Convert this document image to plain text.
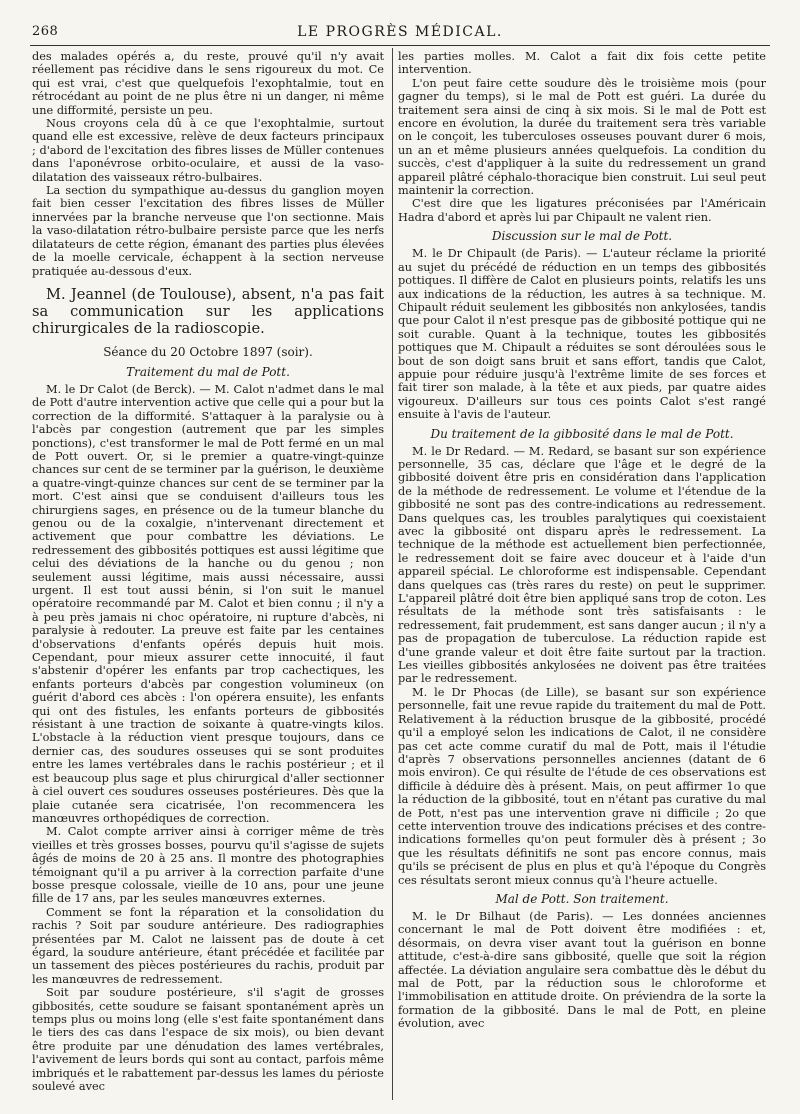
268	LE PROGRÈS MÉDICAL.

des malades opérés a, du reste, prouvé qu'il n'y avait réellement pas récidive dans le sens rigoureux du mot. Ce qui est vrai, c'est que quelquefois l'exophtalmie, tout en rétrocédant au point de ne plus être ni un danger, ni même une difformité, persiste un peu.

Nous croyons cela dû à ce que l'exophtalmie, surtout quand elle est excessive, relève de deux facteurs principaux ; d'abord de l'excitation des fibres lisses de Müller contenues dans l'aponévrose orbito-oculaire, et aussi de la vaso-dilatation des vaisseaux rétro-bulbaires.

La section du sympathique au-dessus du ganglion moyen fait bien cesser l'excitation des fibres lisses de Müller innervées par la branche nerveuse que l'on sectionne. Mais la vaso-dilatation rétro-bulbaire persiste parce que les nerfs dilatateurs de cette région, émanant des parties plus élevées de la moelle cervicale, échappent à la section nerveuse pratiquée au-dessous d'eux.

M. Jeannel (de Toulouse), absent, n'a pas fait sa communication sur les applications chirurgicales de la radioscopie.

Séance du 20 Octobre 1897 (soir).
Traitement du mal de Pott.

M. le Dr Calot (de Berck). — M. Calot n'admet dans le mal de Pott d'autre intervention active que celle qui a pour but la correction de la difformité. S'attaquer à la paralysie ou à l'abcès par congestion (autrement que par les simples ponctions), c'est transformer le mal de Pott fermé en un mal de Pott ouvert. Or, si le premier a quatre-vingt-quinze chances sur cent de se terminer par la guérison, le deuxième a quatre-vingt-quinze chances sur cent de se terminer par la mort. C'est ainsi que se conduisent d'ailleurs tous les chirurgiens sages, en présence ou de la tumeur blanche du genou ou de la coxalgie, n'intervenant directement et activement que pour combattre les déviations. Le redressement des gibbosités pottiques est aussi légitime que celui des déviations de la hanche ou du genou ; non seulement aussi légitime, mais aussi nécessaire, aussi urgent. Il est tout aussi bénin, si l'on suit le manuel opératoire recommandé par M. Calot et bien connu ; il n'y a à peu près jamais ni choc opératoire, ni rupture d'abcès, ni paralysie à redouter. La preuve est faite par les centaines d'observations d'enfants opérés depuis huit mois. Cependant, pour mieux assurer cette innocuité, il faut s'abstenir d'opérer les enfants par trop cachectiques, les enfants porteurs d'abcès par congestion volumineux (on guérit d'abord ces abcès : l'on opérera ensuite), les enfants qui ont des fistules, les enfants porteurs de gibbosités résistant à une traction de soixante à quatre-vingts kilos. L'obstacle à la réduction vient presque toujours, dans ce dernier cas, des soudures osseuses qui se sont produites entre les lames vertébrales dans le rachis postérieur ; et il est beaucoup plus sage et plus chirurgical d'aller sectionner à ciel ouvert ces soudures osseuses postérieures. Dès que la plaie cutanée sera cicatrisée, l'on recommencera les manœuvres orthopédiques de correction.

M. Calot compte arriver ainsi à corriger même de très vieilles et très grosses bosses, pourvu qu'il s'agisse de sujets âgés de moins de 20 à 25 ans. Il montre des photographies témoignant qu'il a pu arriver à la correction parfaite d'une bosse presque colossale, vieille de 10 ans, pour une jeune fille de 17 ans, par les seules manœuvres externes.

Comment se font la réparation et la consolidation du rachis ? Soit par soudure antérieure. Des radiographies présentées par M. Calot ne laissent pas de doute à cet égard, la soudure antérieure, étant précédée et facilitée par un tassement des pièces postérieures du rachis, produit par les manœuvres de redressement.

Soit par soudure postérieure, s'il s'agit de grosses gibbosités, cette soudure se faisant spontanément après un temps plus ou moins long (elle s'est faite spontanément dans le tiers des cas dans l'espace de six mois), ou bien devant être produite par une dénudation des lames vertébrales, l'avivement de leurs bords qui sont au contact, parfois même imbriqués et le rabattement par-dessus les lames du périoste soulevé avec

les parties molles. M. Calot a fait dix fois cette petite intervention.

L'on peut faire cette soudure dès le troisième mois (pour gagner du temps), si le mal de Pott est guéri. La durée du traitement sera ainsi de cinq à six mois. Si le mal de Pott est encore en évolution, la durée du traitement sera très variable on le conçoit, les tuberculoses osseuses pouvant durer 6 mois, un an et même plusieurs années quelquefois. La condition du succès, c'est d'appliquer à la suite du redressement un grand appareil plâtré céphalo-thoracique bien construit. Lui seul peut maintenir la correction.

C'est dire que les ligatures préconisées par l'Américain Hadra d'abord et après lui par Chipault ne valent rien.

Discussion sur le mal de Pott.

M. le Dr Chipault (de Paris). — L'auteur réclame la priorité au sujet du précédé de réduction en un temps des gibbosités pottiques. Il diffère de Calot en plusieurs points, relatifs les uns aux indications de la réduction, les autres à sa technique. M. Chipault réduit seulement les gibbosités non ankylosées, tandis que pour Calot il n'est presque pas de gibbosité pottique qui ne soit curable. Quant à la technique, toutes les gibbosités pottiques que M. Chipault a réduites se sont déroulées sous le bout de son doigt sans bruit et sans effort, tandis que Calot, appuie pour réduire jusqu'à l'extrême limite de ses forces et fait tirer son malade, à la tête et aux pieds, par quatre aides vigoureux. D'ailleurs sur tous ces points Calot s'est rangé ensuite à l'avis de l'auteur.

Du traitement de la gibbosité dans le mal de Pott.

M. le Dr Redard. — M. Redard, se basant sur son expérience personnelle, 35 cas, déclare que l'âge et le degré de la gibbosité doivent être pris en considération dans l'application de la méthode de redressement. Le volume et l'étendue de la gibbosité ne sont pas des contre-indications au redressement. Dans quelques cas, les troubles paralytiques qui coexistaient avec la gibbosité ont disparu après le redressement. La technique de la méthode est actuellement bien perfectionnée, le redressement doit se faire avec douceur et à l'aide d'un appareil spécial. Le chloroforme est indispensable. Cependant dans quelques cas (très rares du reste) on peut le supprimer. L'appareil plâtré doit être bien appliqué sans trop de coton. Les résultats de la méthode sont très satisfaisants : le redressement, fait prudemment, est sans danger aucun ; il n'y a pas de propagation de tuberculose. La réduction rapide est d'une grande valeur et doit être faite surtout par la traction. Les vieilles gibbosités ankylosées ne doivent pas être traitées par le redressement.

M. le Dr Phocas (de Lille), se basant sur son expérience personnelle, fait une revue rapide du traitement du mal de Pott. Relativement à la réduction brusque de la gibbosité, procédé qu'il a employé selon les indications de Calot, il ne considère pas cet acte comme curatif du mal de Pott, mais il l'étudie d'après 7 observations personnelles anciennes (datant de 6 mois environ). Ce qui résulte de l'étude de ces observations est difficile à déduire dès à présent. Mais, on peut affirmer 1o que la réduction de la gibbosité, tout en n'étant pas curative du mal de Pott, n'est pas une intervention grave ni difficile ; 2o que cette intervention trouve des indications précises et des contre-indications formelles qu'on peut formuler dès à présent ; 3o que les résultats définitifs ne sont pas encore connus, mais qu'ils se précisent de plus en plus et qu'à l'époque du Congrès ces résultats seront mieux connus qu'à l'heure actuelle.

Mal de Pott. Son traitement.

M. le Dr Bilhaut (de Paris). — Les données anciennes concernant le mal de Pott doivent être modifiées : et, désormais, on devra viser avant tout la guérison en bonne attitude, c'est-à-dire sans gibbosité, quelle que soit la région affectée. La déviation angulaire sera combattue dès le début du mal de Pott, par la réduction sous le chloroforme et l'immobilisation en attitude droite. On préviendra de la sorte la formation de la gibbosité. Dans le mal de Pott, en pleine évolution, avec
